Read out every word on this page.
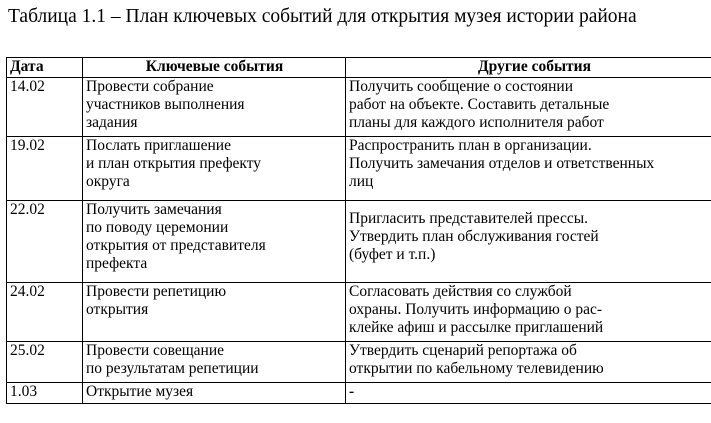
Таблица 1.1 – План ключевых событий для открытия музея истории района

Дата	Ключевые события	Другие события
14.02	Провести собрание
участников выполнения
задания	Получить сообщение о состоянии
работ на объекте. Составить детальные
планы для каждого исполнителя работ

19.02	Послать приглашение
и план открытия префекту
округа	Распространить план в организации.
Получить замечания отделов и ответственных
лиц

22.02	Получить замечания
по поводу церемонии
открытия от представителя
префекта	Пригласить представителей прессы.
Утвердить план обслуживания гостей
(буфет и т.п.)

24.02	Провести репетицию
открытия	Согласовать действия со службой
охраны. Получить информацию о рас-
клейке афиш и рассылке приглашений

25.02	Провести совещание
по результатам репетиции	Утвердить сценарий репортажа об
открытии по кабельному телевидению

1.03	Открытие музея	-
